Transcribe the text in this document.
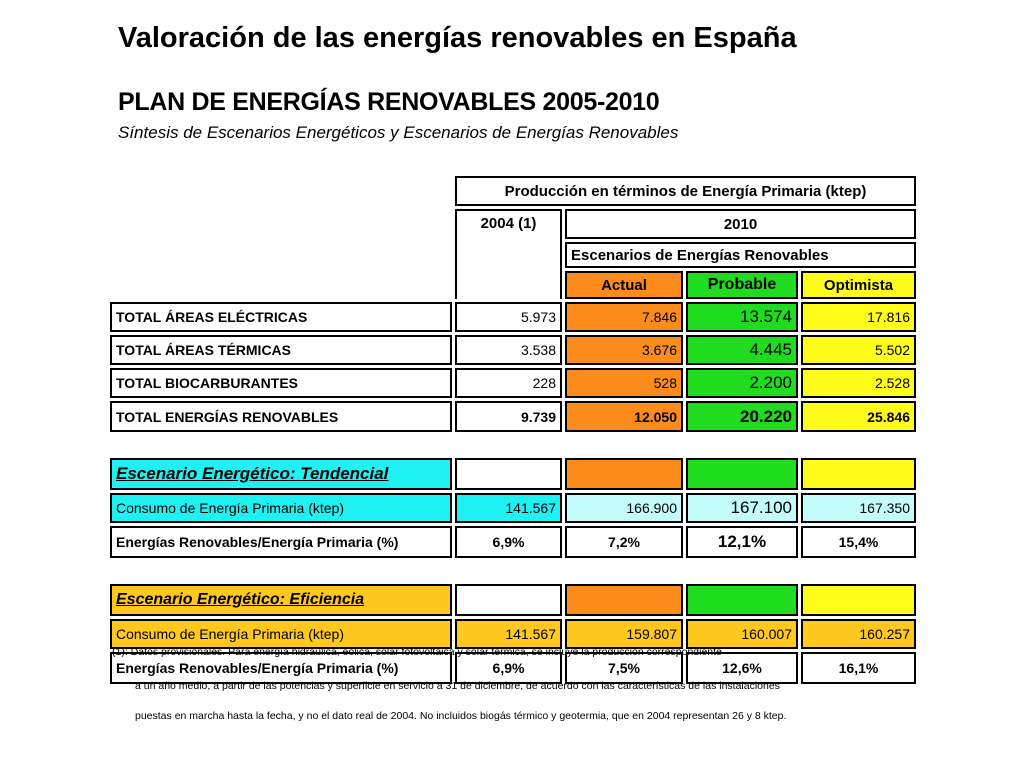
Valoración de las energías renovables en España
PLAN DE ENERGÍAS RENOVABLES 2005-2010
Síntesis de Escenarios Energéticos y Escenarios de Energías Renovables
Producción en términos de Energía Primaria (ktep)
2004 (1)	2010
Escenarios de Energías Renovables
Actual	Probable	Optimista
TOTAL ÁREAS ELÉCTRICAS	5.973	7.846	13.574	17.816
TOTAL ÁREAS TÉRMICAS	3.538	3.676	4.445	5.502
TOTAL BIOCARBURANTES	228	528	2.200	2.528
TOTAL ENERGÍAS RENOVABLES	9.739	12.050	20.220	25.846
Escenario Energético: Tendencial
Consumo de Energía Primaria (ktep)	141.567	166.900	167.100	167.350
Energías Renovables/Energía Primaria (%)	6,9%	7,2%	12,1%	15,4%
Escenario Energético: Eficiencia
Consumo de Energía Primaria (ktep)	141.567	159.807	160.007	160.257
Energías Renovables/Energía Primaria (%)	6,9%	7,5%	12,6%	16,1%
(1): Datos provisionales. Para energía hidráulica, eólica, solar fotovoltaica y solar térmica, se incluye la producción correspondiente
a un año medio, a partir de las potencias y superficie en servicio a 31 de diciembre, de acuerdo con las características de las instalaciones
puestas en marcha hasta la fecha, y no el dato real de 2004. No incluidos biogás térmico y geotermia, que en 2004 representan 26 y 8 ktep.
